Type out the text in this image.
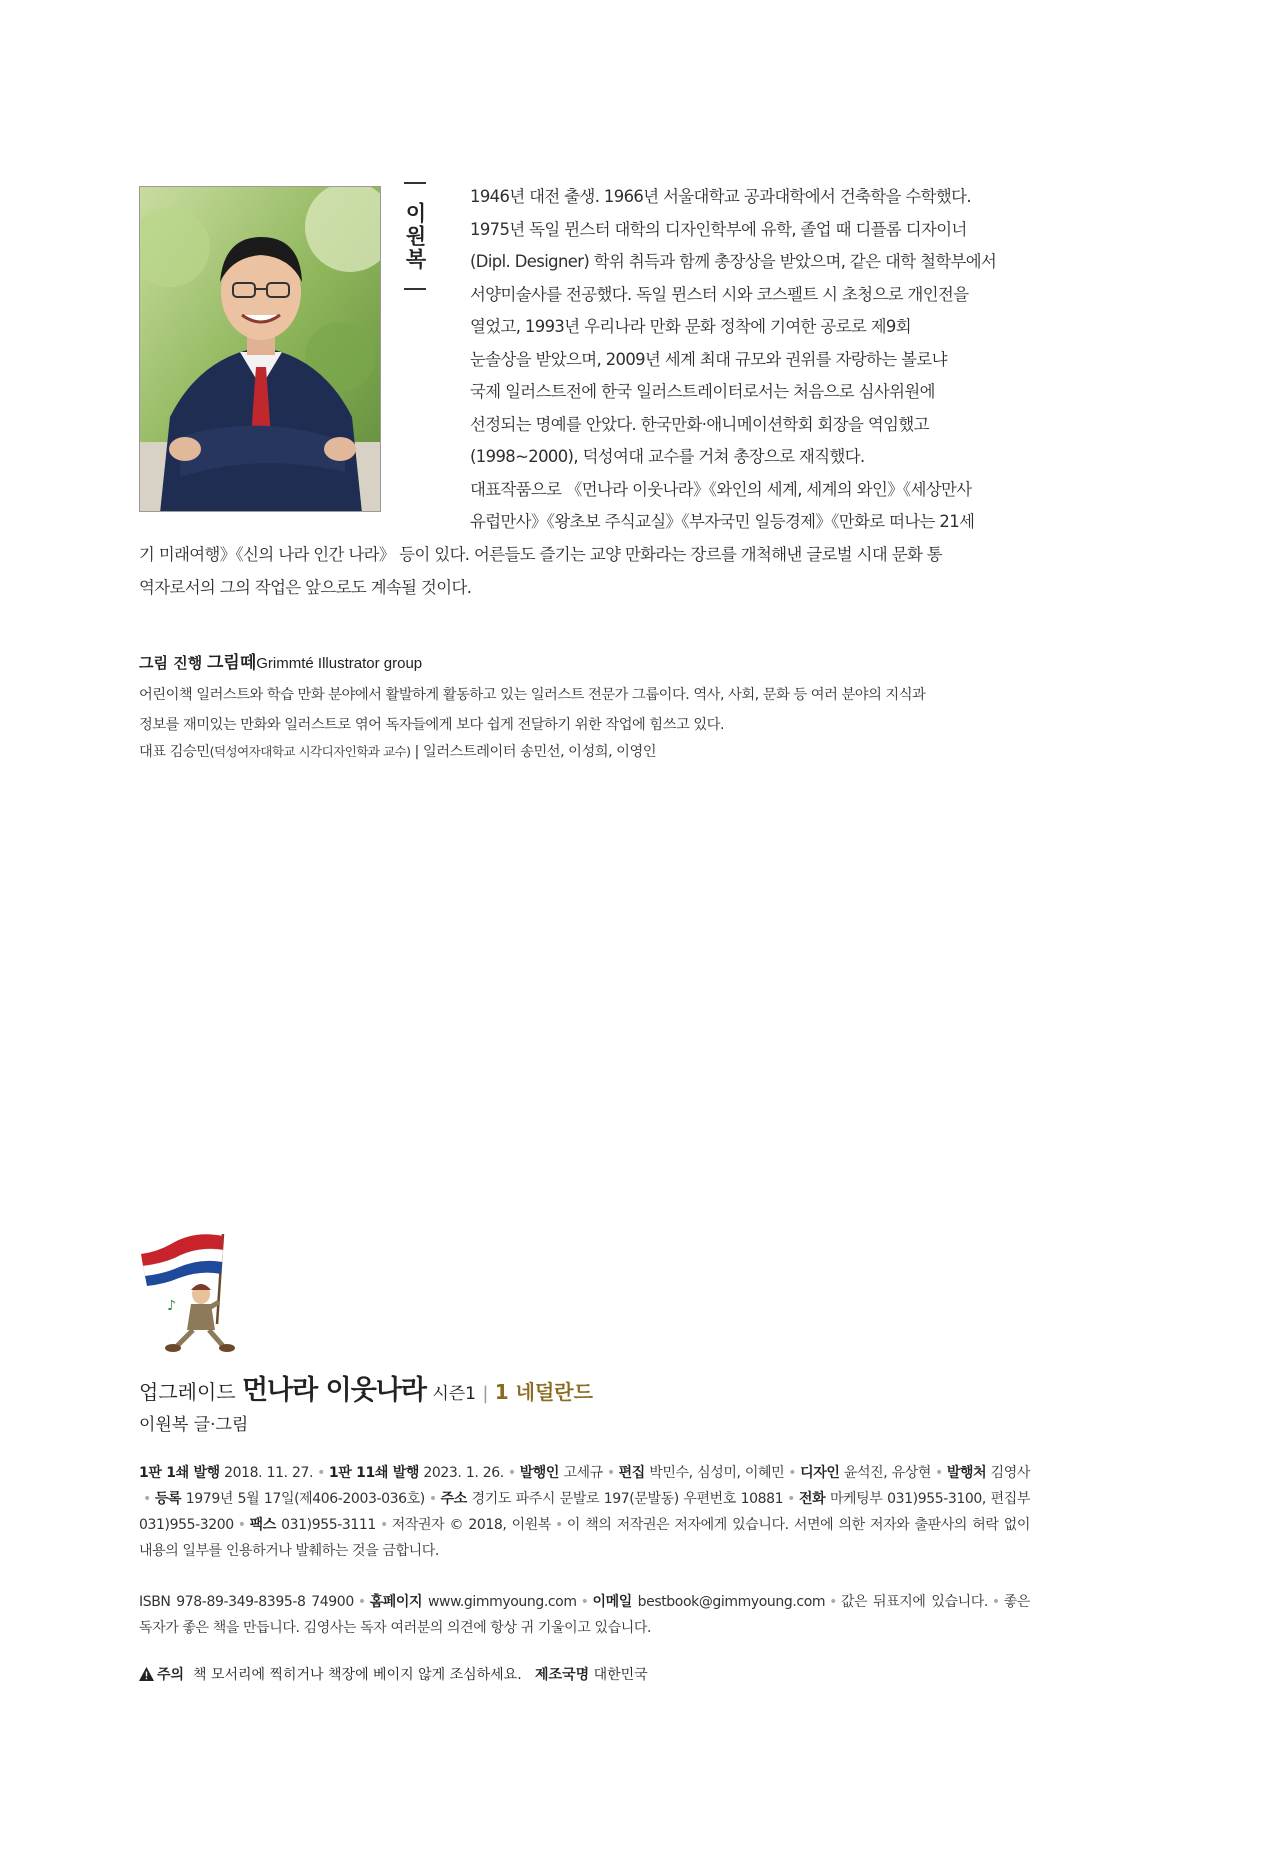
이원복

1946년 대전 출생. 1966년 서울대학교 공과대학에서 건축학을 수학했다.

1975년 독일 뮌스터 대학의 디자인학부에 유학, 졸업 때 디플롬 디자이너

(Dipl. Designer) 학위 취득과 함께 총장상을 받았으며, 같은 대학 철학부에서

서양미술사를 전공했다. 독일 뮌스터 시와 코스펠트 시 초청으로 개인전을

열었고, 1993년 우리나라 만화 문화 정착에 기여한 공로로 제9회

눈솔상을 받았으며, 2009년 세계 최대 규모와 권위를 자랑하는 볼로냐

국제 일러스트전에 한국 일러스트레이터로서는 처음으로 심사위원에

선정되는 명예를 안았다. 한국만화·애니메이션학회 회장을 역임했고

(1998~2000), 덕성여대 교수를 거쳐 총장으로 재직했다.

대표작품으로 《먼나라 이웃나라》《와인의 세계, 세계의 와인》《세상만사

유럽만사》《왕초보 주식교실》《부자국민 일등경제》《만화로 떠나는 21세

기 미래여행》《신의 나라 인간 나라》 등이 있다. 어른들도 즐기는 교양 만화라는 장르를 개척해낸 글로벌 시대 문화 통

역자로서의 그의 작업은 앞으로도 계속될 것이다.

그림 진행 그림떼Grimmté Illustrator group
어린이책 일러스트와 학습 만화 분야에서 활발하게 활동하고 있는 일러스트 전문가 그룹이다. 역사, 사회, 문화 등 여러 분야의 지식과
정보를 재미있는 만화와 일러스트로 엮어 독자들에게 보다 쉽게 전달하기 위한 작업에 힘쓰고 있다.
대표 김승민(덕성여자대학교 시각디자인학과 교수) | 일러스트레이터 송민선, 이성희, 이영인
♪
업그레이드 먼나라 이웃나라 시즌1 | 1 네덜란드
이원복 글·그림
1판 1쇄 발행 2018. 11. 27. • 1판 11쇄 발행 2023. 1. 26. • 발행인 고세규 • 편집 박민수, 심성미, 이혜민 • 디자인 윤석진, 유상현 • 발행처 김영사• 등록 1979년 5월 17일(제406-2003-036호) • 주소 경기도 파주시 문발로 197(문발동) 우편번호 10881 • 전화 마케팅부 031)955-3100, 편집부 031)955-3200 • 팩스 031)955-3111 • 저작권자 © 2018, 이원복 • 이 책의 저작권은 저자에게 있습니다. 서면에 의한 저자와 출판사의 허락 없이 내용의 일부를 인용하거나 발췌하는 것을 금합니다.
ISBN 978-89-349-8395-8 74900 • 홈페이지 www.gimmyoung.com • 이메일 bestbook@gimmyoung.com • 값은 뒤표지에 있습니다. • 좋은 독자가 좋은 책을 만듭니다. 김영사는 독자 여러분의 의견에 항상 귀 기울이고 있습니다.
주의 책 모서리에 찍히거나 책장에 베이지 않게 조심하세요. 제조국명 대한민국
